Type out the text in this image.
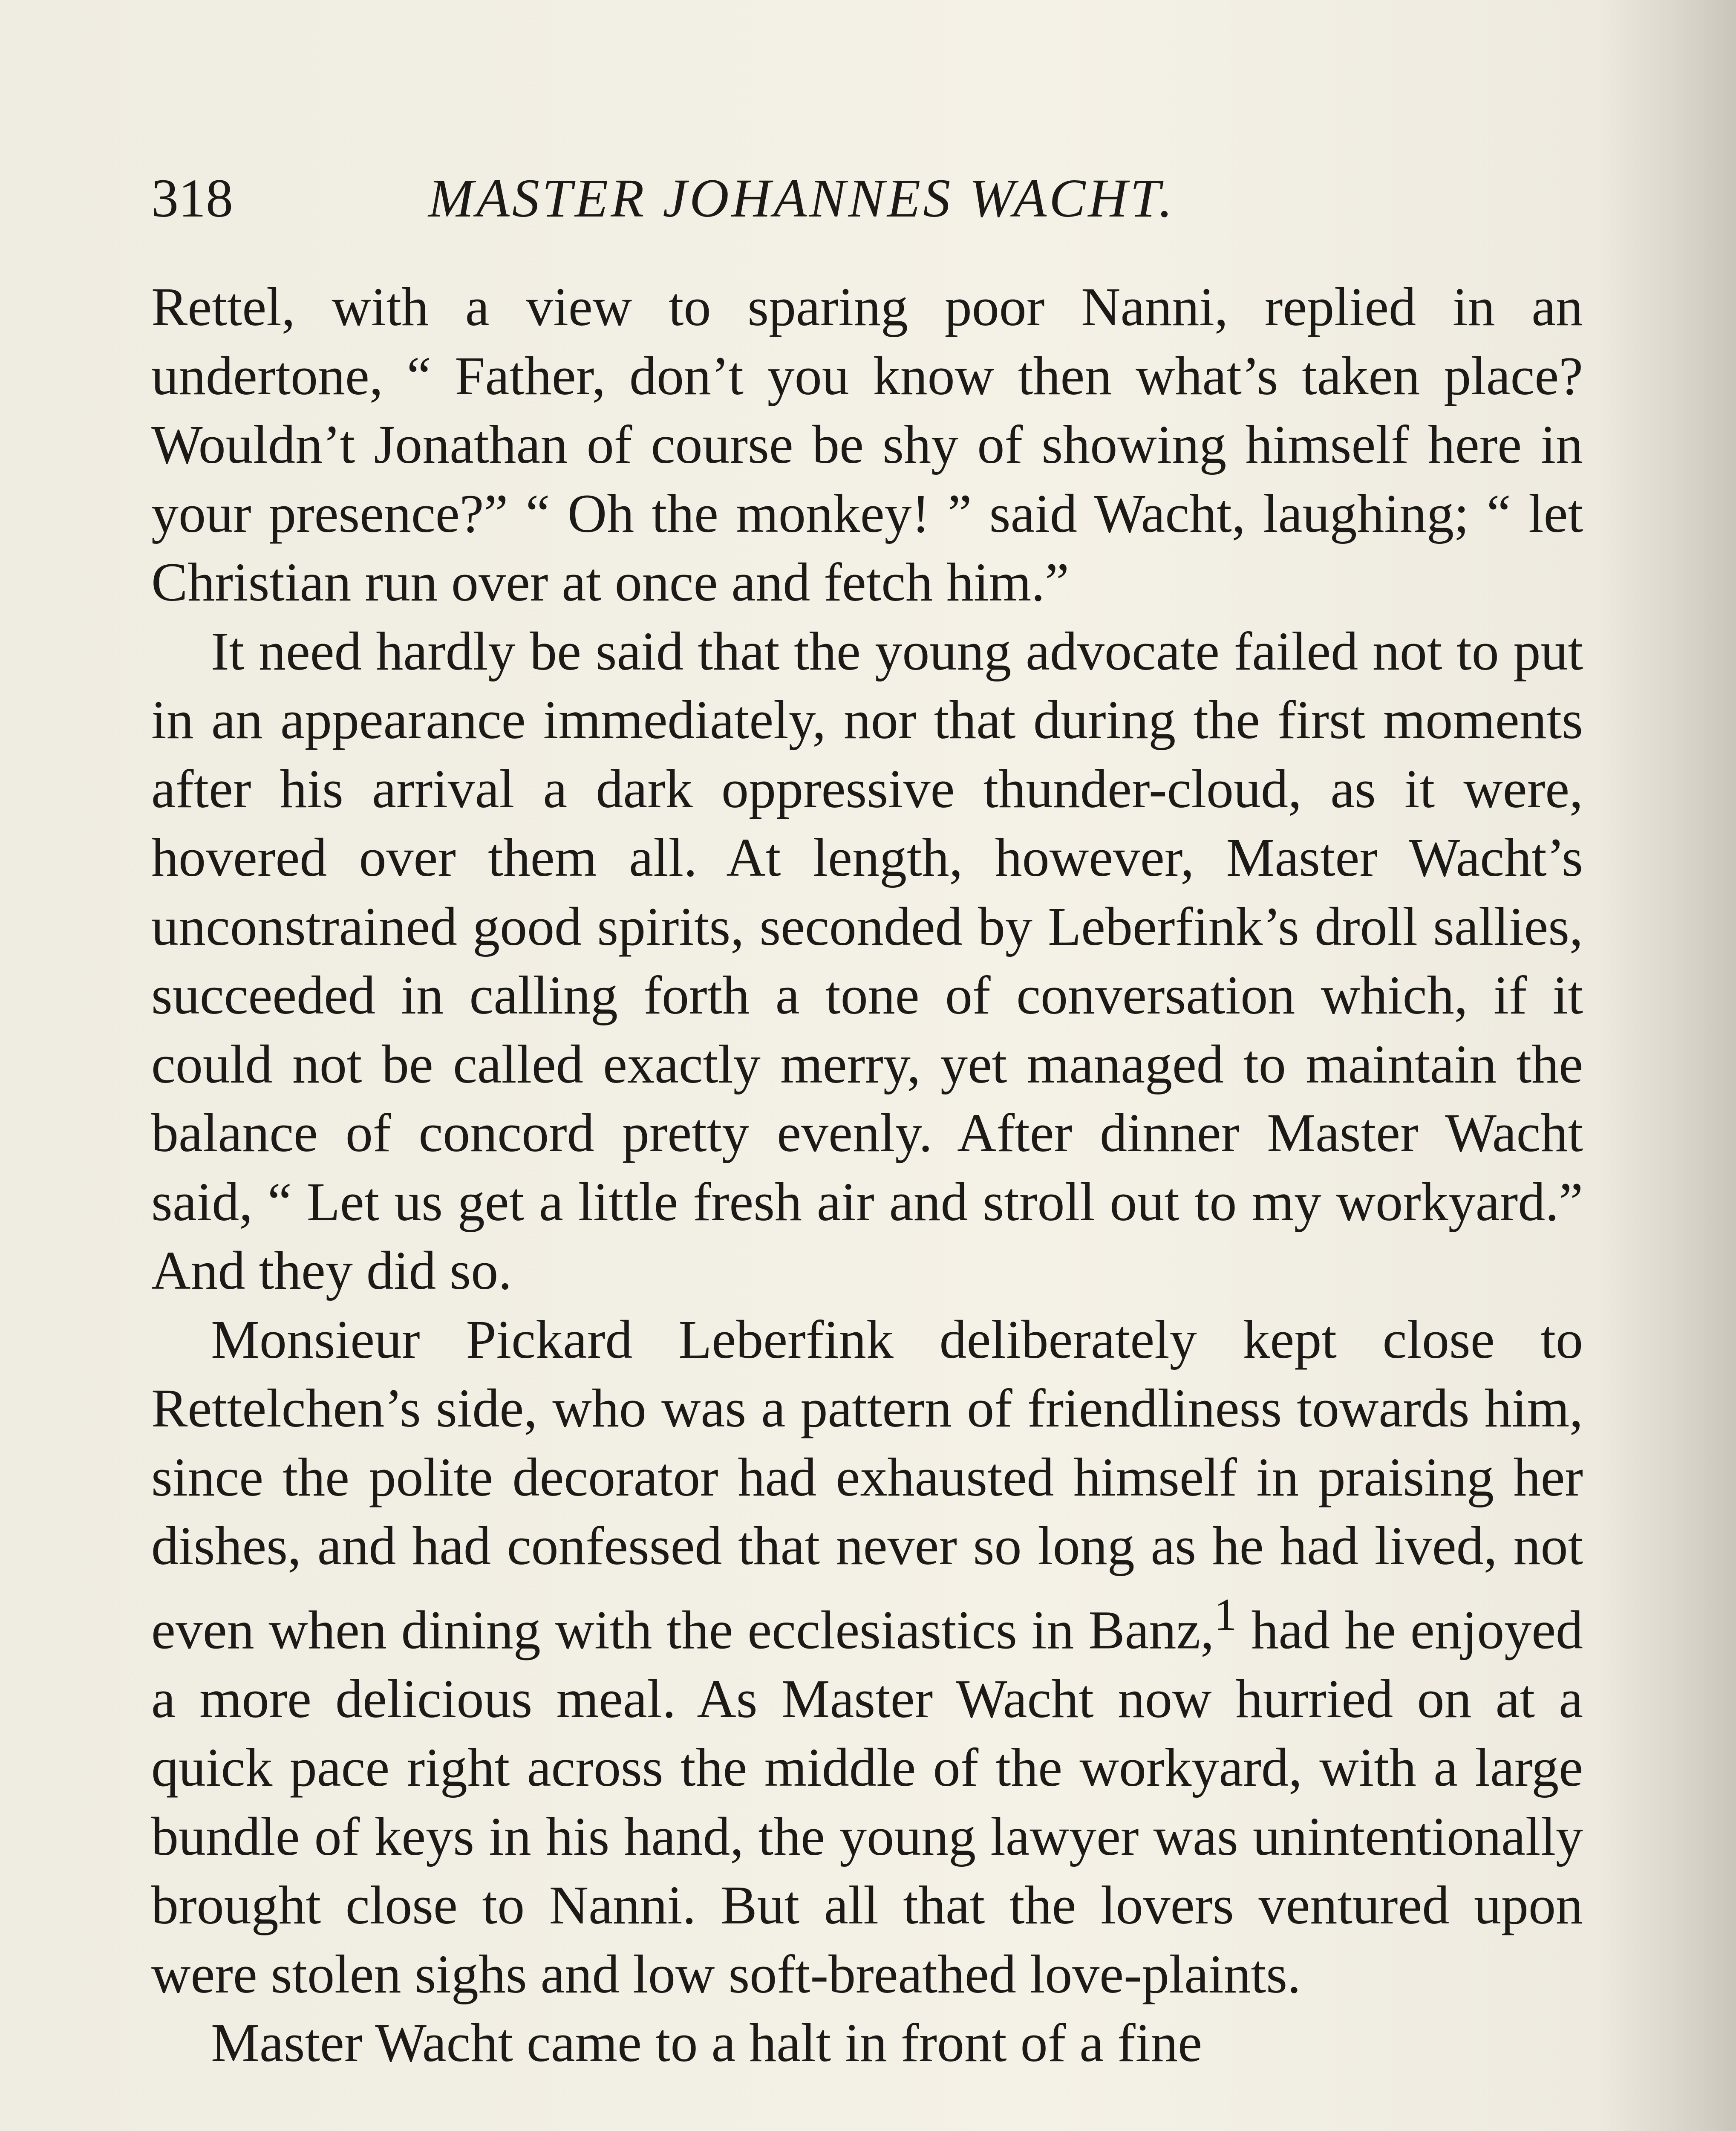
318	MASTER JOHANNES WACHT.

Rettel, with a view to sparing poor Nanni, replied in an undertone, “ Father, don’t you know then what’s taken place? Wouldn’t Jonathan of course be shy of showing himself here in your presence?” “ Oh the monkey! ” said Wacht, laughing; “ let Christian run over at once and fetch him.”

It need hardly be said that the young advocate failed not to put in an appearance immediately, nor that during the first moments after his arrival a dark oppressive thunder-cloud, as it were, hovered over them all. At length, however, Master Wacht’s unconstrained good spirits, seconded by Leberfink’s droll sallies, succeeded in calling forth a tone of conversation which, if it could not be called exactly merry, yet managed to maintain the balance of concord pretty evenly. After dinner Master Wacht said, “ Let us get a little fresh air and stroll out to my workyard.” And they did so.

Monsieur Pickard Leberfink deliberately kept close to Rettelchen’s side, who was a pattern of friendliness towards him, since the polite decorator had exhausted himself in praising her dishes, and had confessed that never so long as he had lived, not even when dining with the ecclesiastics in Banz,$^1$ had he enjoyed a more delicious meal. As Master Wacht now hurried on at a quick pace right across the middle of the workyard, with a large bundle of keys in his hand, the young lawyer was unintentionally brought close to Nanni. But all that the lovers ventured upon were stolen sighs and low soft-breathed love-plaints.

Master Wacht came to a halt in front of a fine
